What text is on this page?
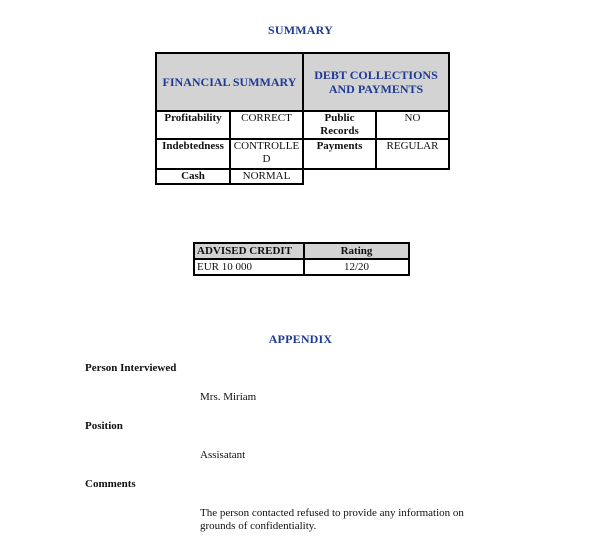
SUMMARY
FINANCIAL SUMMARY		DEBT COLLECTIONS AND PAYMENTS	
Profitability	CORRECT	Public Records	NO
Indebtedness	CONTROLLED	Payments	REGULAR
Cash	NORMAL		
ADVISED CREDIT	Rating
EUR 10 000	12/20
APPENDIX
Person Interviewed
Mrs. Miriam
Position
Assisatant
Comments
The person contacted refused to provide any information on grounds of confidentiality.
